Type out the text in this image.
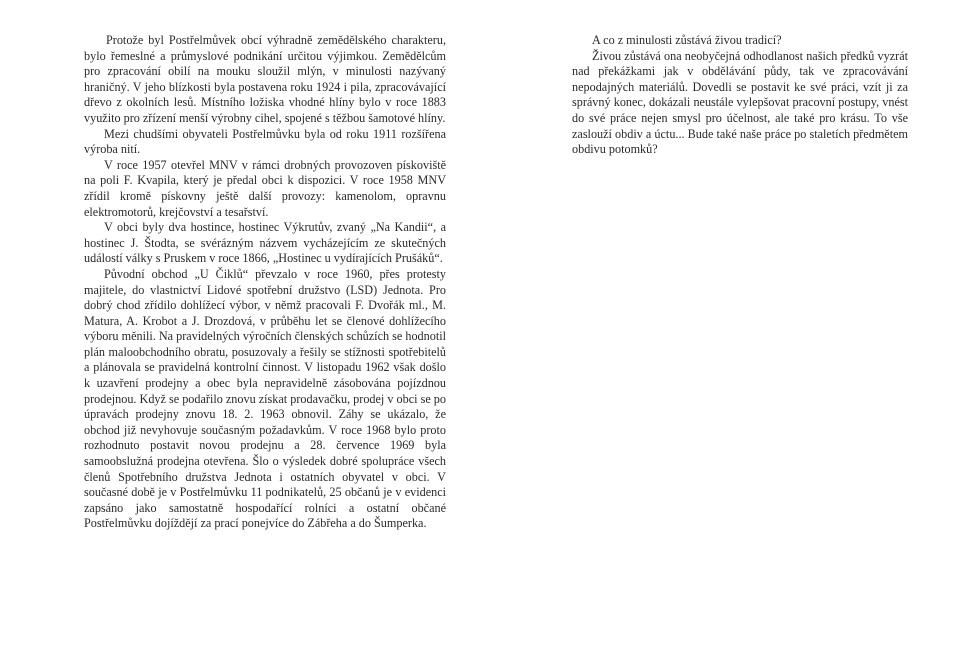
Protože byl Postřelmůvek obcí výhradně zemědělského charakteru, bylo řemeslné a průmyslové podnikání určitou výjimkou. Zemědělcům pro zpracování obilí na mouku sloužil mlýn, v minulosti nazývaný hraničný. V jeho blízkosti byla postavena roku 1924 i pila, zpracovávající dřevo z okolních lesů. Místního ložiska vhodné hlíny bylo v roce 1883 využito pro zřízení menší výrobny cihel, spojené s těžbou šamotové hlíny.

Mezi chudšími obyvateli Postřelmůvku byla od roku 1911 rozšířena výroba nití.

V roce 1957 otevřel MNV v rámci drobných provozoven pískoviště na poli F. Kvapila, který je předal obci k dispozici. V roce 1958 MNV zřídil kromě pískovny ještě další provozy: kamenolom, opravnu elektromotorů, krejčovství a tesařství.

V obci byly dva hostince, hostinec Výkrutův, zvaný „Na Kandii“, a hostinec J. Štodta, se svérázným názvem vycházejícím ze skutečných událostí války s Pruskem v roce 1866, „Hostinec u vydírajících Prušáků“.

Původní obchod „U Čiklů“ převzalo v roce 1960, přes protesty majitele, do vlastnictví Lidové spotřební družstvo (LSD) Jednota. Pro dobrý chod zřídilo dohlížecí výbor, v němž pracovali F. Dvořák ml., M. Matura, A. Krobot a J. Drozdová, v průběhu let se členové dohlížecího výboru měnili. Na pravidelných výročních členských schůzích se hodnotil plán maloobchodního obratu, posuzovaly a řešily se stížnosti spotřebitelů a plánovala se pravidelná kontrolní činnost. V listopadu 1962 však došlo k uzavření prodejny a obec byla nepravidelně zásobována pojízdnou prodejnou. Když se podařilo znovu získat prodavačku, prodej v obci se po úpravách prodejny znovu 18. 2. 1963 obnovil. Záhy se ukázalo, že obchod již nevyhovuje současným požadavkům. V roce 1968 bylo proto rozhodnuto postavit novou prodejnu a 28. července 1969 byla samoobslužná prodejna otevřena. Šlo o výsledek dobré spolupráce všech členů Spotřebního družstva Jednota i ostatních obyvatel v obci. V současné době je v Postřelmůvku 11 podnikatelů, 25 občanů je v evidenci zapsáno jako samostatně hospodařící rolníci a ostatní občané Postřelmůvku dojíždějí za prací ponejvíce do Zábřeha a do Šumperka.

A co z minulosti zůstává živou tradicí?

Živou zůstává ona neobyčejná odhodlanost našich předků vyzrát nad překážkami jak v obdělávání půdy, tak ve zpracovávání nepodajných materiálů. Dovedli se postavit ke své práci, vzít ji za správný konec, dokázali neustále vylepšovat pracovní postupy, vnést do své práce nejen smysl pro účelnost, ale také pro krásu. To vše zaslouží obdiv a úctu... Bude také naše práce po staletích předmětem obdivu potomků?
